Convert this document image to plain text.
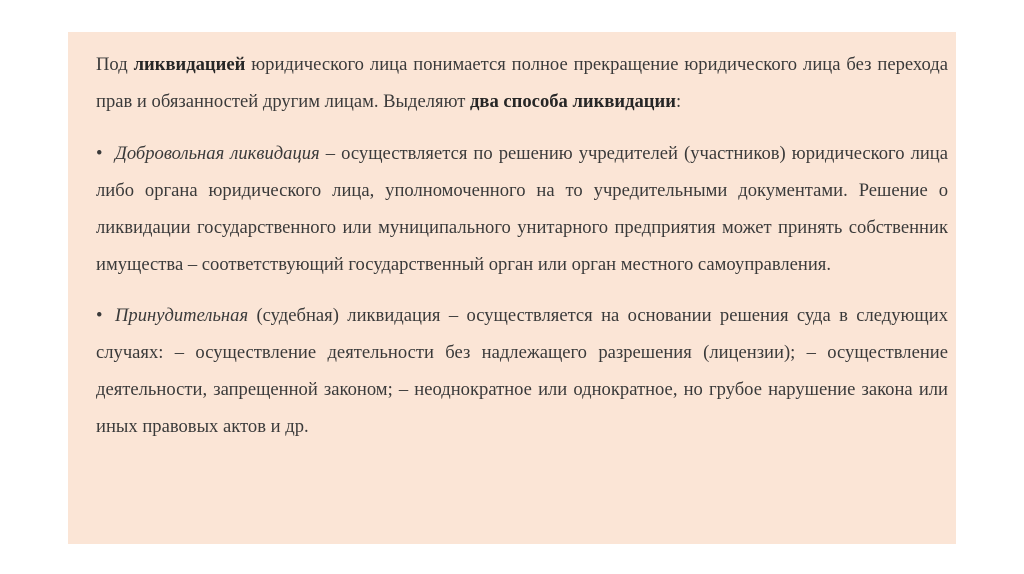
Под ликвидацией юридического лица понимается полное прекращение юридического лица без перехода прав и обязанностей другим лицам. Выделяют два способа ликвидации:

• Добровольная ликвидация – осуществляется по решению учредителей (участников) юридического лица либо органа юридического лица, уполномоченного на то учредительными документами. Решение о ликвидации государственного или муниципального унитарного предприятия может принять собственник имущества – соответствующий государственный орган или орган местного самоуправления.

• Принудительная (судебная) ликвидация – осуществляется на основании решения суда в следующих случаях: – осуществление деятельности без надлежащего разрешения (лицензии); – осуществление деятельности, запрещенной законом; – неоднократное или однократное, но грубое нарушение закона или иных правовых актов и др.
